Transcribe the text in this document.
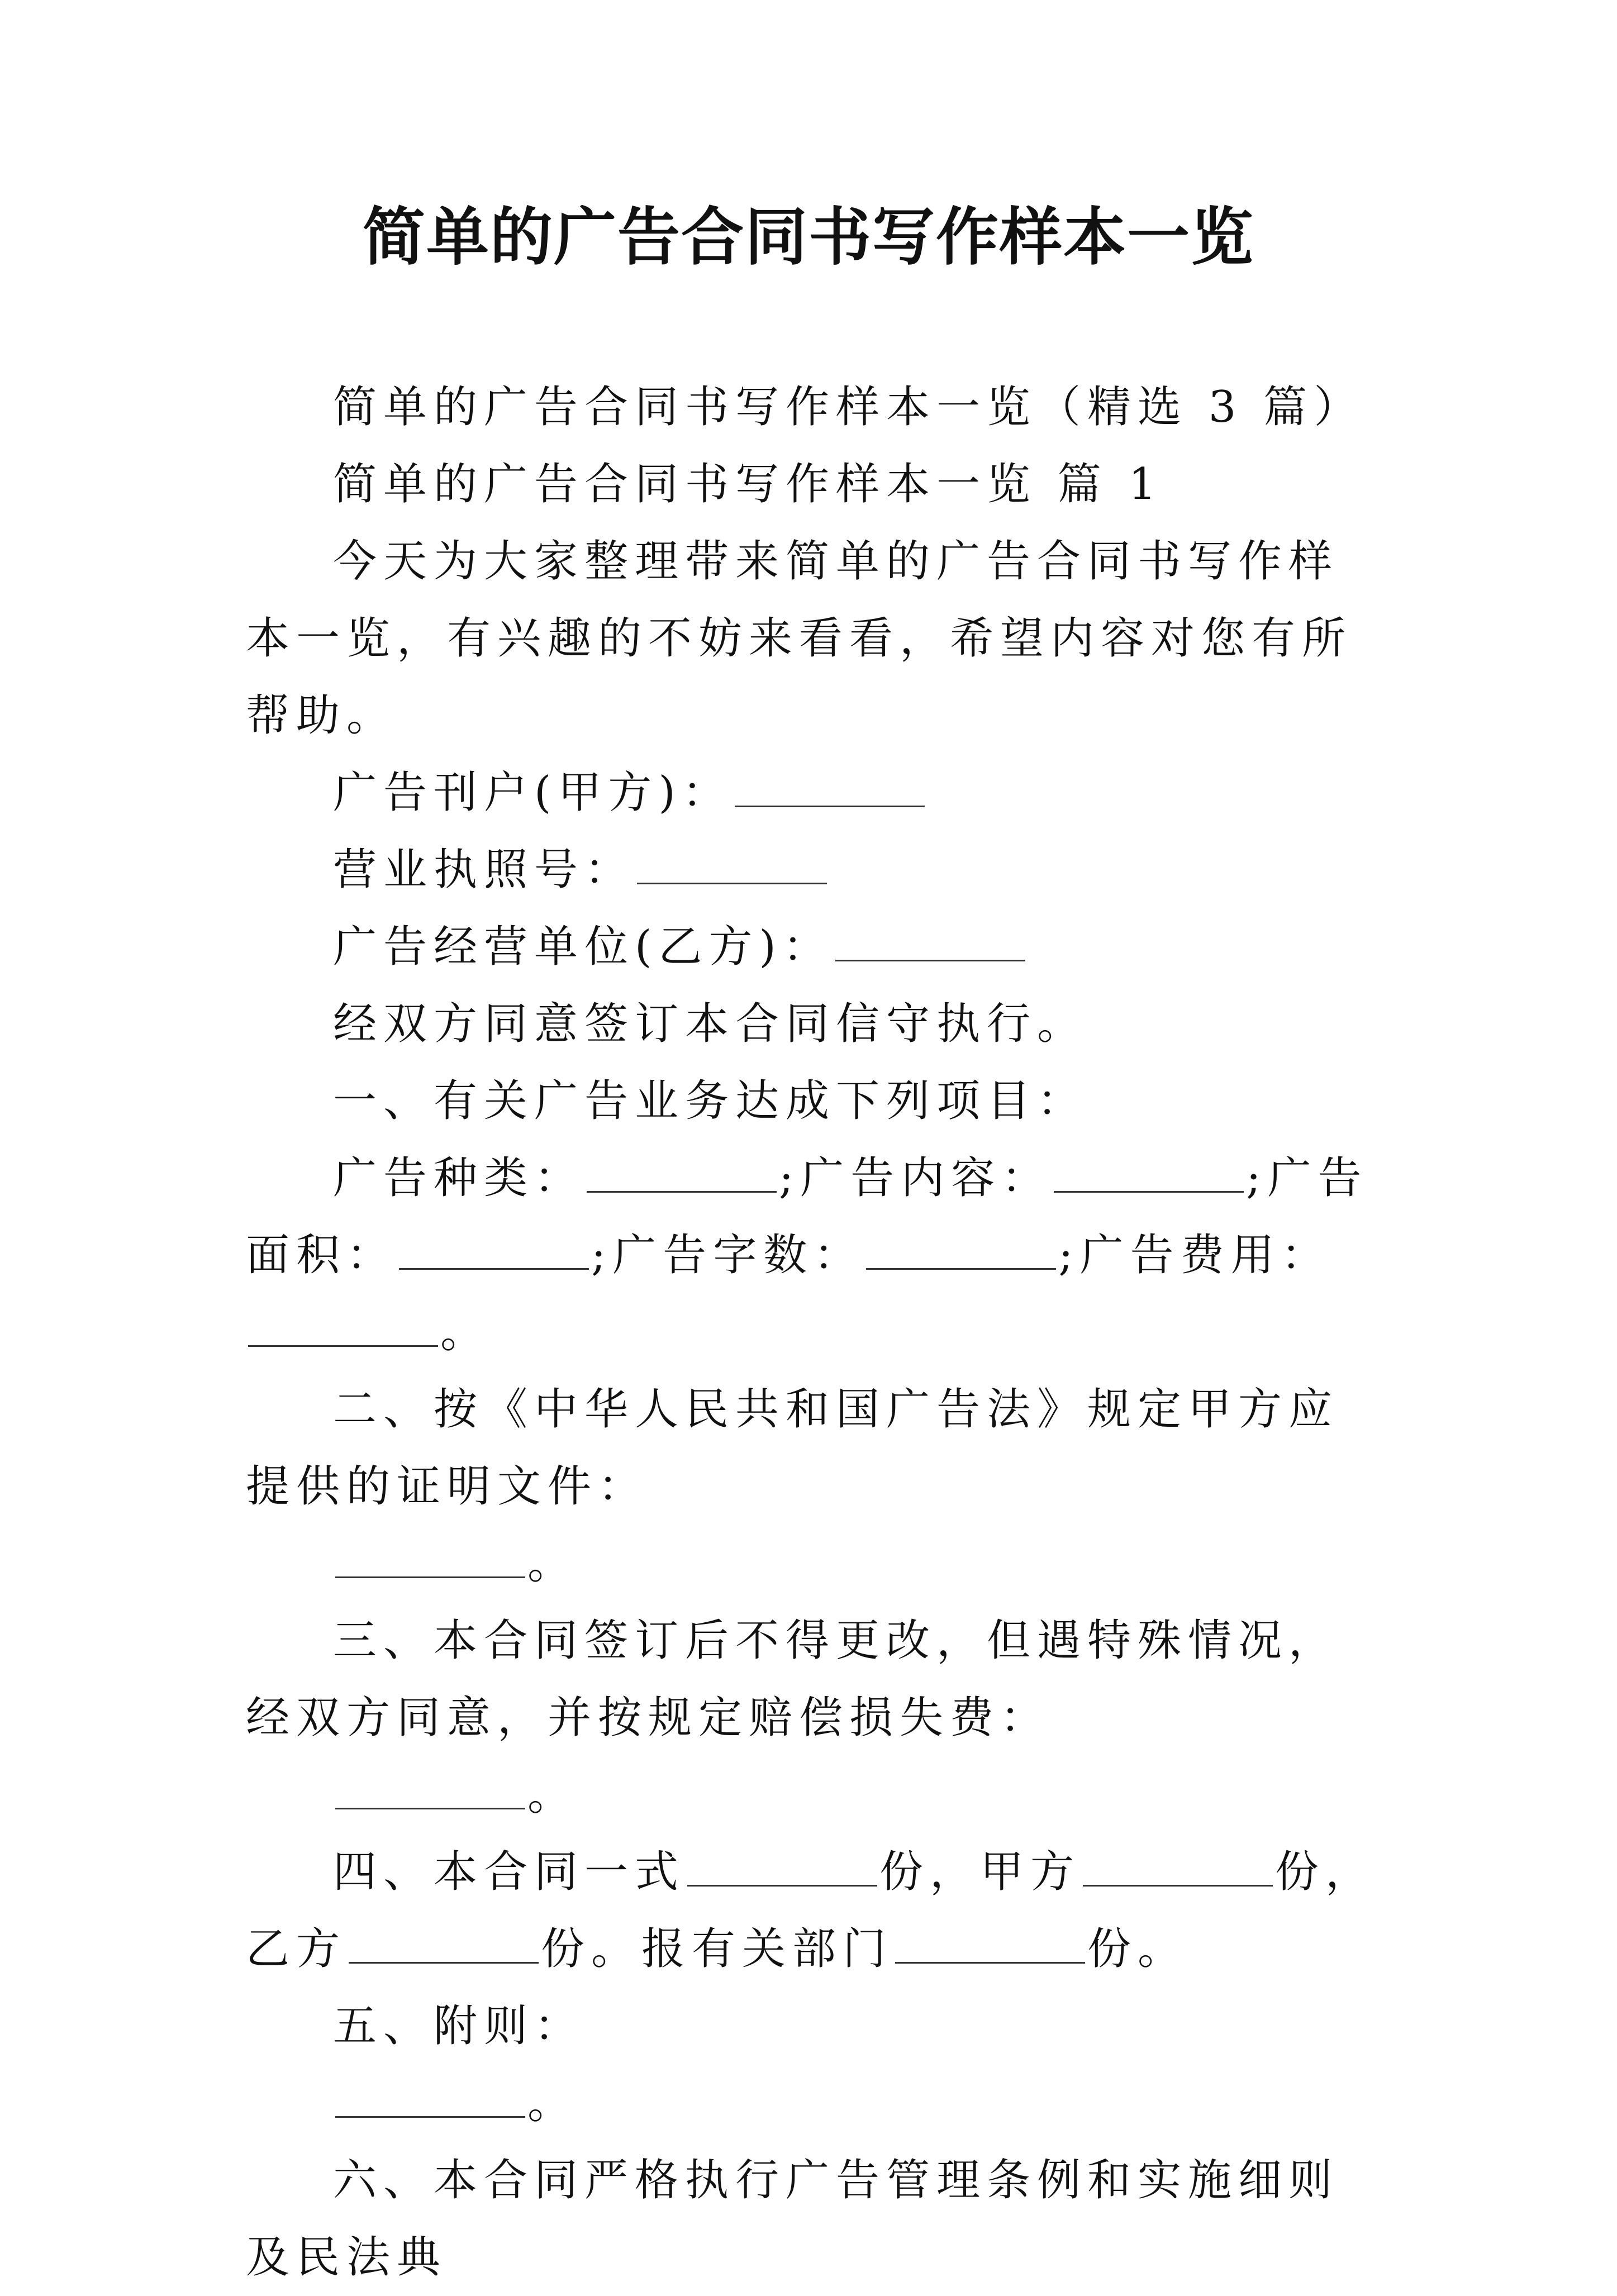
简单的广告合同书写作样本一览

简单的广告合同书写作样本一览（精选 3 篇）

简单的广告合同书写作样本一览 篇 1

今天为大家整理带来简单的广告合同书写作样本一览，有兴趣的不妨来看看，希望内容对您有所帮助。

广告刊户(甲方)：

营业执照号：

广告经营单位(乙方)：

经双方同意签订本合同信守执行。

一、有关广告业务达成下列项目：

广告种类：	;广告内容：	;广告面积：	;广告字数：	;广告费用：。

二、按《中华人民共和国广告法》规定甲方应提供的证明文件：

。

三、本合同签订后不得更改，但遇特殊情况，经双方同意，并按规定赔偿损失费：

。

四、本合同一式	份，甲方	份，乙方	份。报有关部门	份。

五、附则：

。

六、本合同严格执行广告管理条例和实施细则及民法典
